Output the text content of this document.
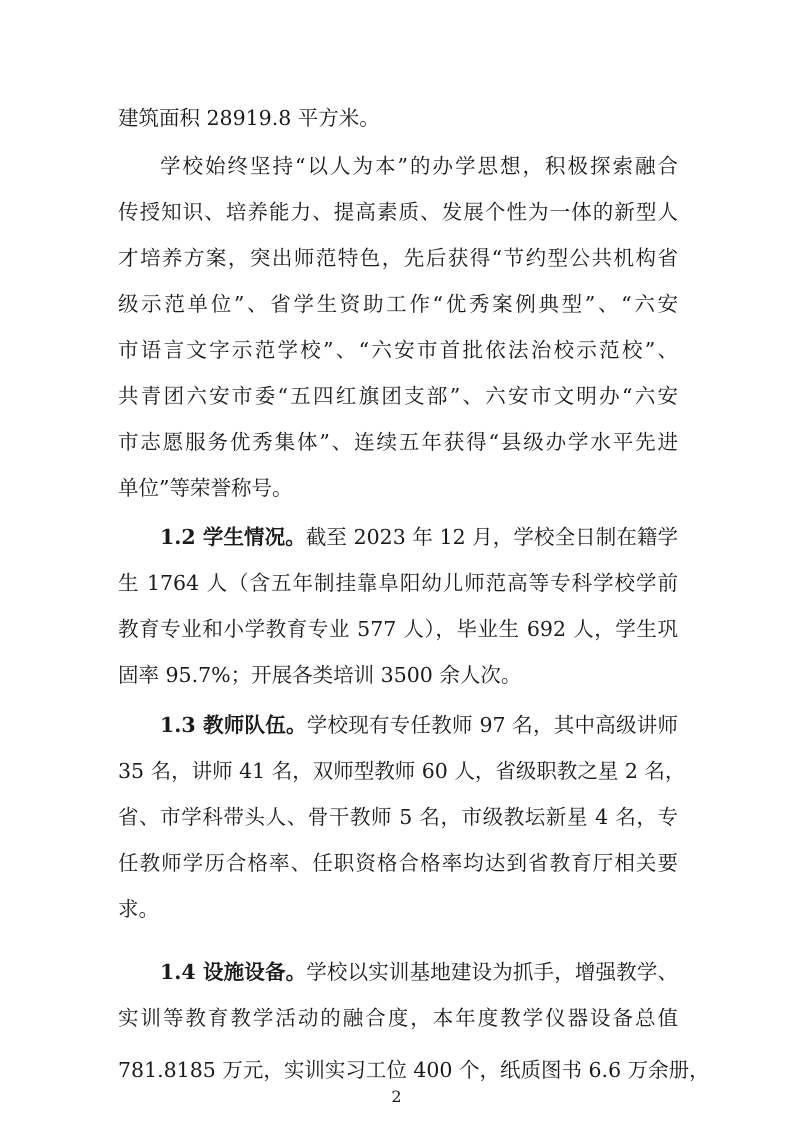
建筑面积 28919.8 平方米。
学校始终坚持“以人为本”的办学思想，积极探索融合
传授知识、培养能力、提高素质、发展个性为一体的新型人
才培养方案，突出师范特色，先后获得“节约型公共机构省
级示范单位”、省学生资助工作“优秀案例典型”、“六安
市语言文字示范学校”、“六安市首批依法治校示范校”、
共青团六安市委“五四红旗团支部”、六安市文明办“六安
市志愿服务优秀集体”、连续五年获得“县级办学水平先进
单位”等荣誉称号。
1.2 学生情况。截至 2023 年 12 月，学校全日制在籍学
生 1764 人（含五年制挂靠阜阳幼儿师范高等专科学校学前
教育专业和小学教育专业 577 人），毕业生 692 人，学生巩
固率 95.7%；开展各类培训 3500 余人次。
1.3 教师队伍。学校现有专任教师 97 名，其中高级讲师
35 名，讲师 41 名，双师型教师 60 人，省级职教之星 2 名，
省、市学科带头人、骨干教师 5 名，市级教坛新星 4 名，专
任教师学历合格率、任职资格合格率均达到省教育厅相关要
求。
1.4 设施设备。学校以实训基地建设为抓手，增强教学、
实训等教育教学活动的融合度，本年度教学仪器设备总值
781.8185 万元，实训实习工位 400 个，纸质图书 6.6 万余册，
2
